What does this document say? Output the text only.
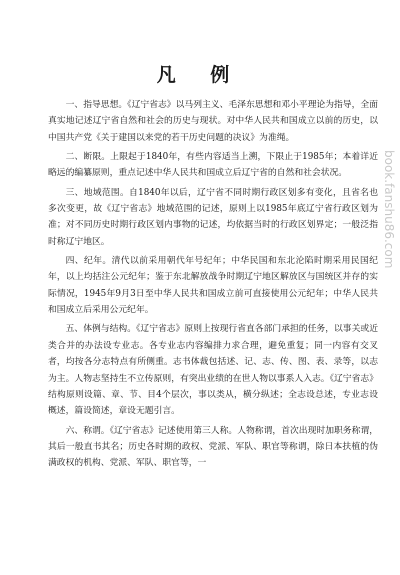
凡 例

一、指导思想。《辽宁省志》以马列主义、毛泽东思想和邓小平理论为指导，全面真实地记述辽宁省自然和社会的历史与现状。对中华人民共和国成立以前的历史，以中国共产党《关于建国以来党的若干历史问题的决议》为准绳。

二、断限。上限起于1840年，有些内容适当上溯，下限止于1985年；本着详近略远的编纂原则，重点记述中华人民共和国成立后辽宁省的自然和社会状况。

三、地域范围。自1840年以后，辽宁省不同时期行政区划多有变化，且省名也多次变更，故《辽宁省志》地域范围的记述，原则上以1985年底辽宁省行政区划为准；对不同历史时期行政区划内事物的记述，均依据当时的行政区划界定；一般泛指时称辽宁地区。

四、纪年。清代以前采用朝代年号纪年；中华民国和东北沦陷时期采用民国纪年，以上均括注公元纪年；鉴于东北解放战争时期辽宁地区解放区与国统区并存的实际情况，1945年9月3日至中华人民共和国成立前可直接使用公元纪年；中华人民共和国成立后采用公元纪年。

五、体例与结构。《辽宁省志》原则上按现行省直各部门承担的任务，以事关或近类合并的办法设专业志。各专业志内容编排力求合理，避免重复；同一内容有交叉者，均按各分志特点有所侧重。志书体裁包括述、记、志、传、图、表、录等，以志为主。人物志坚持生不立传原则，有突出业绩的在世人物以事系人入志。《辽宁省志》结构原则设篇、章、节、目4个层次，事以类从，横分纵述；全志设总述，专业志设概述，篇设简述，章设无题引言。

六、称谓。《辽宁省志》记述使用第三人称。人物称谓，首次出现时加职务称谓，其后一般直书其名；历史各时期的政权、党派、军队、职官等称谓，除日本扶植的伪满政权的机构、党派、军队、职官等，一

book.fanshu86.com
